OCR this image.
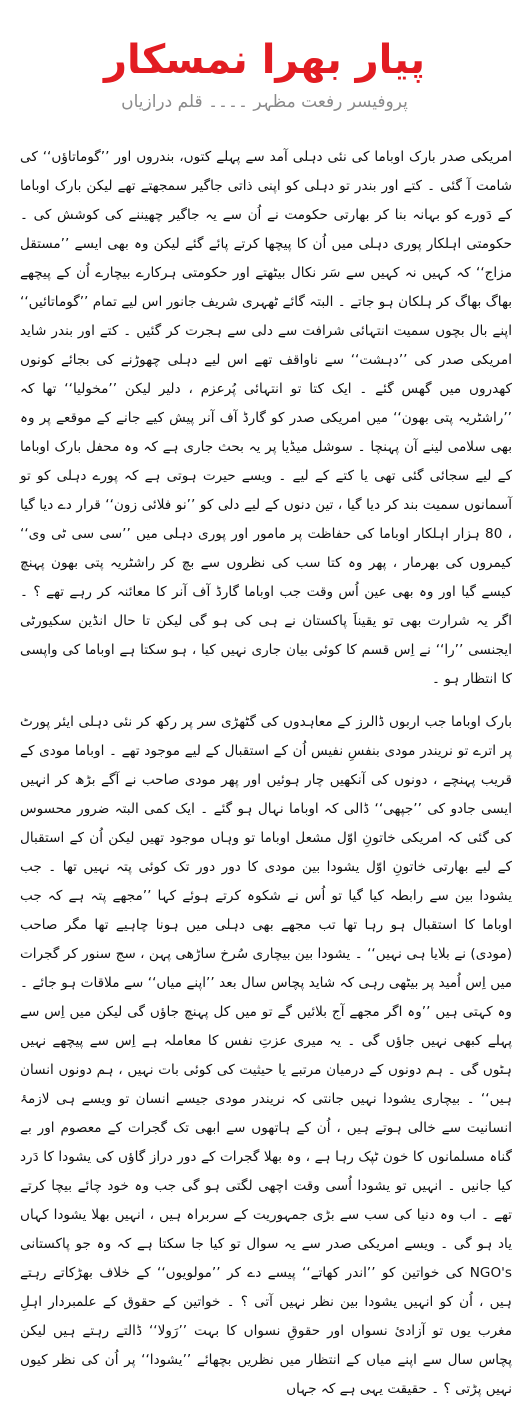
پیار بھرا نمسکار
پروفیسر رفعت مظہر ۔۔۔۔ قلم درازیاں

امریکی صدر بارک اوباما کی نئی دہلی آمد سے پہلے کتوں، بندروں اور ’’گوماتاؤں‘‘ کی شامت آ گئی ۔ کتے اور بندر تو دہلی کو اپنی ذاتی جاگیر سمجھتے تھے لیکن بارک اوباما کے دَورے کو بہانہ بنا کر بھارتی حکومت نے اُن سے یہ جاگیر چھیننے کی کوشش کی ۔ حکومتی اہلکار پوری دہلی میں اُن کا پیچھا کرتے پائے گئے لیکن وہ بھی ایسے ’’مستقل مزاج‘‘ کہ کہیں نہ کہیں سے سَر نکال بیٹھتے اور حکومتی ہرکارے بیچارے اُن کے پیچھے بھاگ بھاگ کر ہلکان ہو جاتے ۔ البتہ گائے ٹھہری شریف جانور اس لیے تمام ’’گوماتائیں‘‘ اپنے بال بچوں سمیت انتہائی شرافت سے دلی سے ہجرت کر گئیں ۔ کتے اور بندر شاید امریکی صدر کی ’’دہشت‘‘ سے ناواقف تھے اس لیے دہلی چھوڑنے کی بجائے کونوں کھدروں میں گھس گئے ۔ ایک کتا تو انتہائی پُرعزم ، دلیر لیکن ’’مخولیا‘‘ تھا کہ ’’راشٹریہ پتی بھون‘‘ میں امریکی صدر کو گارڈ آف آنر پیش کیے جانے کے موقعے پر وہ بھی سلامی لینے آن پہنچا ۔ سوشل میڈیا پر یہ بحث جاری ہے کہ وہ محفل بارک اوباما کے لیے سجائی گئی تھی یا کتے کے لیے ۔ ویسے حیرت ہوتی ہے کہ پورے دہلی کو تو آسمانوں سمیت بند کر دیا گیا ، تین دنوں کے لیے دلی کو ’’نو فلائی زون‘‘ قرار دے دیا گیا ، 80 ہزار اہلکار اوباما کی حفاظت پر مامور اور پوری دہلی میں ’’سی سی ٹی وی‘‘ کیمروں کی بھرمار ، پھر وہ کتا سب کی نظروں سے بچ کر راشٹریہ پتی بھون پہنچ کیسے گیا اور وہ بھی عین اُس وقت جب اوباما گارڈ آف آنر کا معائنہ کر رہے تھے ؟ ۔ اگر یہ شرارت بھی تو یقیناََ پاکستان نے ہی کی ہو گی لیکن تا حال انڈین سکیورٹی ایجنسی ’’را‘‘ نے اِس قسم کا کوئی بیان جاری نہیں کیا ، ہو سکتا ہے اوباما کی واپسی کا انتظار ہو ۔

بارک اوباما جب اربوں ڈالرز کے معاہدوں کی گٹھڑی سر پر رکھ کر نئی دہلی ایئر پورٹ پر اترے تو نریندر مودی بنفسِ نفیس اُن کے استقبال کے لیے موجود تھے ۔ اوباما مودی کے قریب پہنچے ، دونوں کی آنکھیں چار ہوئیں اور پھر مودی صاحب نے آگے بڑھ کر انہیں ایسی جادو کی ’’جپھی‘‘ ڈالی کہ اوباما نہال ہو گئے ۔ ایک کمی البتہ ضرور محسوس کی گئی کہ امریکی خاتونِ اوّل مشعل اوباما تو وہاں موجود تھیں لیکن اُن کے استقبال کے لیے بھارتی خاتونِ اوّل یشودا بین مودی کا دور دور تک کوئی پتہ نہیں تھا ۔ جب یشودا بین سے رابطہ کیا گیا تو اُس نے شکوہ کرتے ہوئے کہا ’’مجھے پتہ ہے کہ جب اوباما کا استقبال ہو رہا تھا تب مجھے بھی دہلی میں ہونا چاہیے تھا مگر صاحب (مودی) نے بلایا ہی نہیں‘‘ ۔ یشودا بین بیچاری سُرخ ساڑھی پہن ، سج سنور کر گجرات میں اِس اُمید پر بیٹھی رہی کہ شاید پچاس سال بعد ’’اپنے میاں‘‘ سے ملاقات ہو جائے ۔ وہ کہتی ہیں ’’وہ اگر مجھے آج بلائیں گے تو میں کل پہنچ جاؤں گی لیکن میں اِس سے پہلے کبھی نہیں جاؤں گی ۔ یہ میری عزتِ نفس کا معاملہ ہے اِس سے پیچھے نہیں ہٹوں گی ۔ ہم دونوں کے درمیان مرتبے یا حیثیت کی کوئی بات نہیں ، ہم دونوں انسان ہیں‘‘ ۔ بیچاری یشودا نہیں جانتی کہ نریندر مودی جیسے انسان تو ویسے ہی لازمۂ انسانیت سے خالی ہوتے ہیں ، اُن کے ہاتھوں سے ابھی تک گجرات کے معصوم اور بے گناہ مسلمانوں کا خون ٹپک رہا ہے ، وہ بھلا گجرات کے دور دراز گاؤں کی یشودا کا دَرد کیا جانیں ۔ انہیں تو یشودا اُسی وقت اچھی لگتی ہو گی جب وہ خود چائے بیچا کرتے تھے ۔ اب وہ دنیا کی سب سے بڑی جمہوریت کے سربراہ ہیں ، انہیں بھلا یشودا کہاں یاد ہو گی ۔ ویسے امریکی صدر سے یہ سوال تو کیا جا سکتا ہے کہ وہ جو پاکستانی NGO's کی خواتین کو ’’اندر کھاتے‘‘ پیسے دے کر ’’مولویوں‘‘ کے خلاف بھڑکاتے رہتے ہیں ، اُن کو انہیں یشودا بین نظر نہیں آتی ؟ ۔ خواتین کے حقوق کے علمبردار اہلِ مغرب یوں تو آزادیٔ نسواں اور حقوقِ نسواں کا بہت ’’رَولا‘‘ ڈالتے رہتے ہیں لیکن پچاس سال سے اپنے میاں کے انتظار میں نظریں بچھائے ’’یشودا‘‘ پر اُن کی نظر کیوں نہیں پڑتی ؟ ۔ حقیقت یہی ہے کہ جہاں
